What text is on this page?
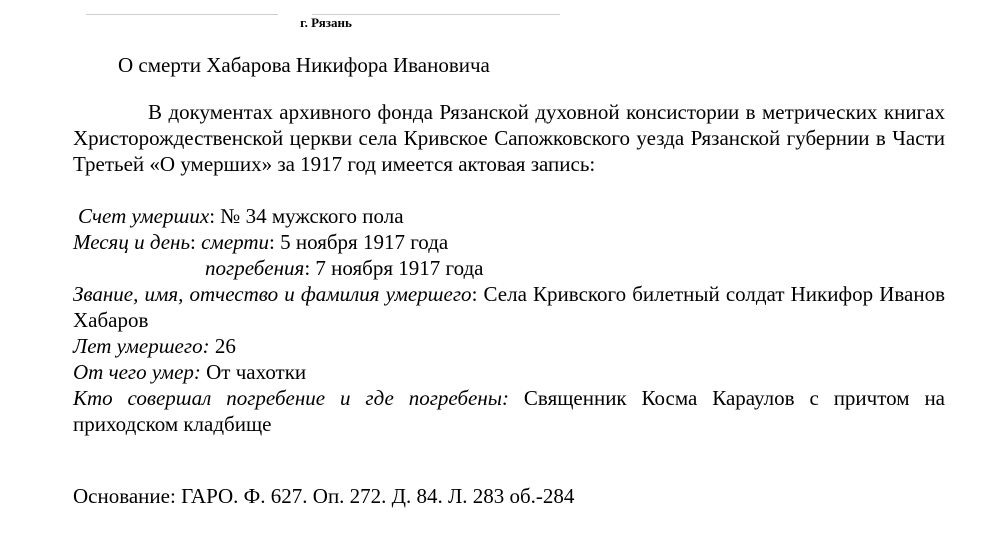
г. Рязань
О смерти Хабарова Никифора Ивановича

В документах архивного фонда Рязанской духовной консистории в метрических книгах Христорождественской церкви села Кривское Сапожковского уезда Рязанской губернии в Части Третьей «О умерших» за 1917 год имеется актовая запись:

Счет умерших: № 34 мужского пола

Месяц и день: смерти: 5 ноября 1917 года

погребения: 7 ноября 1917 года

Звание, имя, отчество и фамилия умершего: Села Кривского билетный солдат Никифор Иванов Хабаров

Лет умершего: 26

От чего умер: От чахотки

Кто совершал погребение и где погребены: Священник Косма Караулов с причтом на приходском кладбище

Основание: ГАРО. Ф. 627. Оп. 272. Д. 84. Л. 283 об.-284
